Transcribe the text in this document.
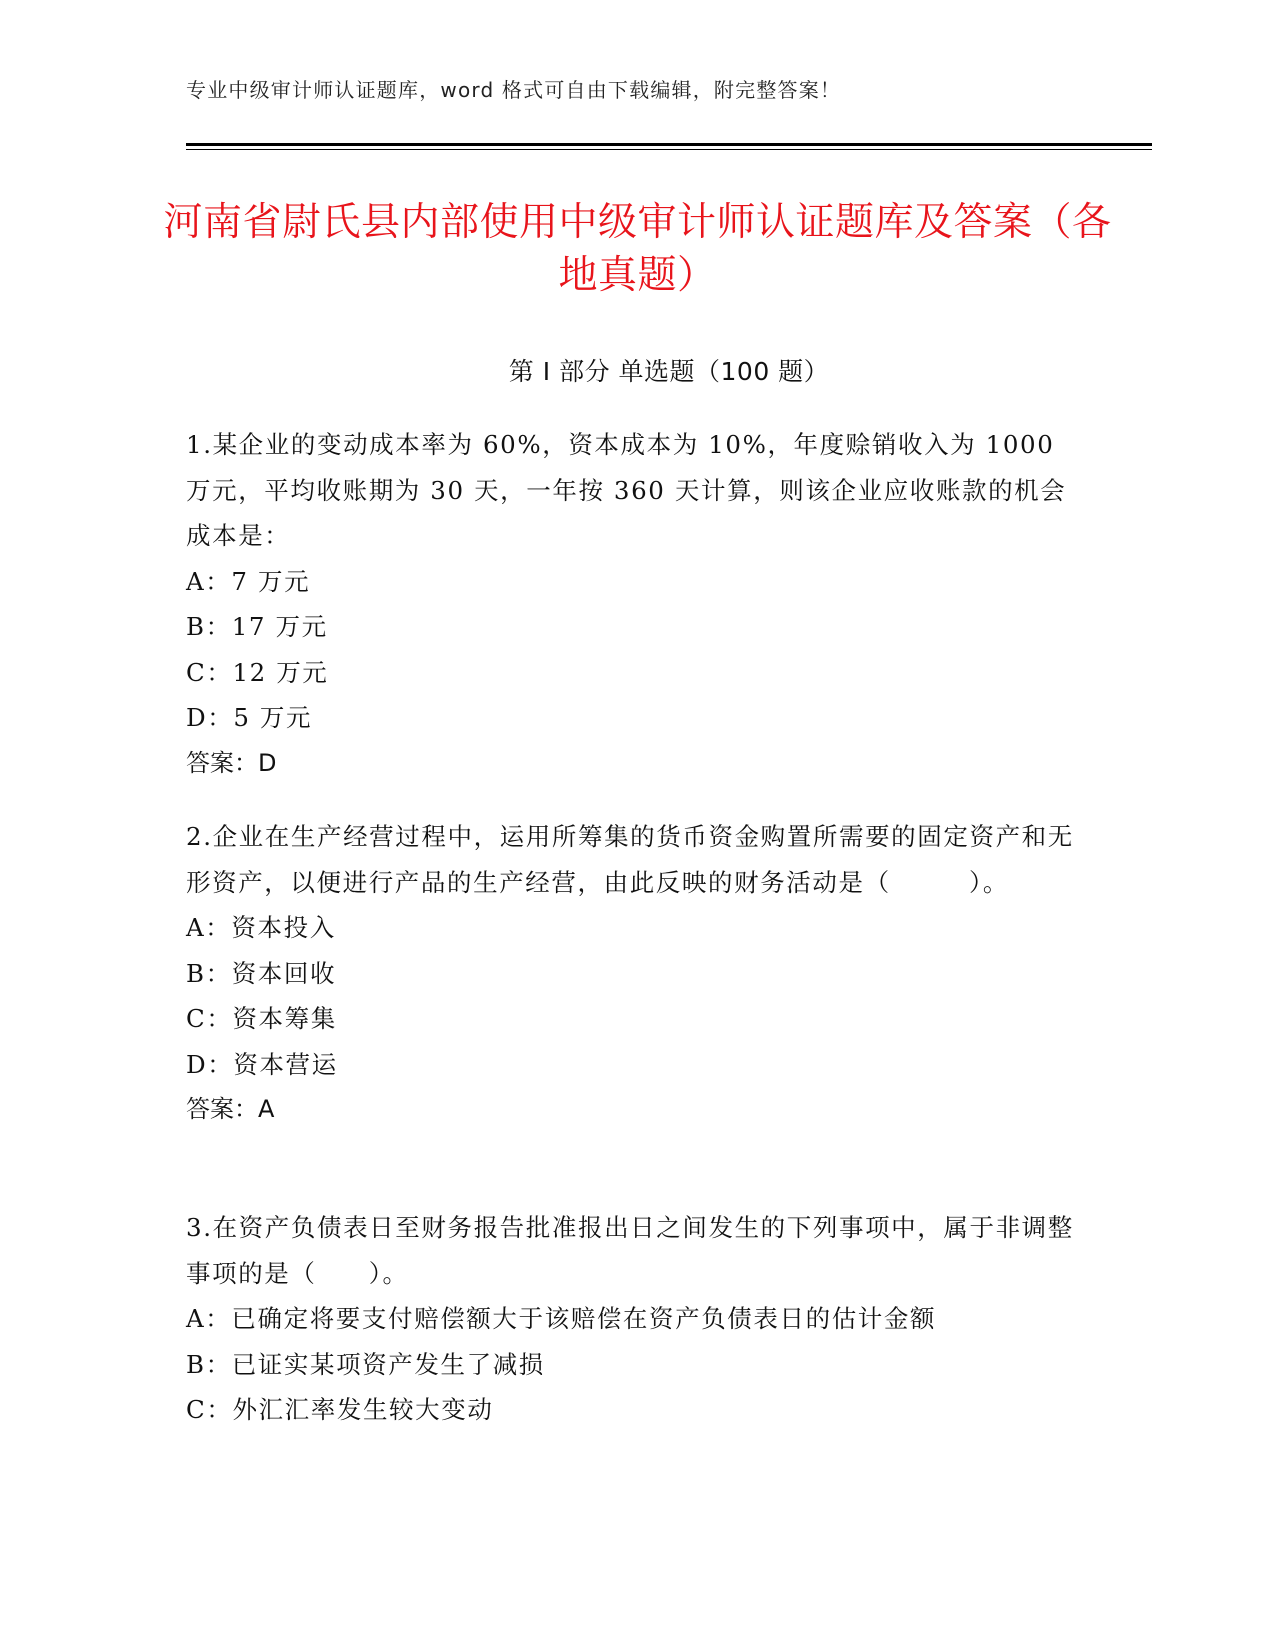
专业中级审计师认证题库，word 格式可自由下载编辑，附完整答案！
河南省尉氏县内部使用中级审计师认证题库及答案（各地真题）
第 I 部分 单选题（100 题）

1.某企业的变动成本率为 60%，资本成本为 10%，年度赊销收入为 1000 万元，平均收账期为 30 天，一年按 360 天计算，则该企业应收账款的机会成本是：

A：7 万元
B：17 万元
C：12 万元
D：5 万元
答案：D

2.企业在生产经营过程中，运用所筹集的货币资金购置所需要的固定资产和无形资产，以便进行产品的生产经营，由此反映的财务活动是（　　　）。

A：资本投入
B：资本回收
C：资本筹集
D：资本营运
答案：A

3.在资产负债表日至财务报告批准报出日之间发生的下列事项中，属于非调整事项的是（　　）。

A：已确定将要支付赔偿额大于该赔偿在资产负债表日的估计金额
B：已证实某项资产发生了减损
C：外汇汇率发生较大变动
